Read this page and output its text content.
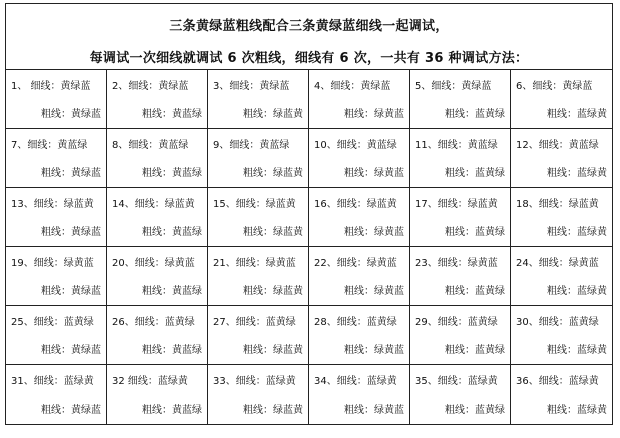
三条黄绿蓝粗线配合三条黄绿蓝细线一起调试，
每调试一次细线就调试 6 次粗线，细线有 6 次，一共有 36 种调试方法：
1、 细线：黄绿蓝
粗线：黄绿蓝
2、细线：黄绿蓝
粗线：黄蓝绿
3、细线：黄绿蓝
粗线：绿蓝黄
4、细线：黄绿蓝
粗线：绿黄蓝
5、细线：黄绿蓝
粗线：蓝黄绿
6、细线：黄绿蓝
粗线：蓝绿黄
7、细线：黄蓝绿
粗线：黄绿蓝
8、细线：黄蓝绿
粗线：黄蓝绿
9、细线：黄蓝绿
粗线：绿蓝黄
10、细线：黄蓝绿
粗线：绿黄蓝
11、细线：黄蓝绿
粗线：蓝黄绿
12、细线：黄蓝绿
粗线：蓝绿黄
13、细线：绿蓝黄
粗线：黄绿蓝
14、细线：绿蓝黄
粗线：黄蓝绿
15、细线：绿蓝黄
粗线：绿蓝黄
16、细线：绿蓝黄
粗线：绿黄蓝
17、细线：绿蓝黄
粗线：蓝黄绿
18、细线：绿蓝黄
粗线：蓝绿黄
19、细线：绿黄蓝
粗线：黄绿蓝
20、细线：绿黄蓝
粗线：黄蓝绿
21、细线：绿黄蓝
粗线：绿蓝黄
22、细线：绿黄蓝
粗线：绿黄蓝
23、细线：绿黄蓝
粗线：蓝黄绿
24、细线：绿黄蓝
粗线：蓝绿黄
25、细线：蓝黄绿
粗线：黄绿蓝
26、细线：蓝黄绿
粗线：黄蓝绿
27、细线：蓝黄绿
粗线：绿蓝黄
28、细线：蓝黄绿
粗线：绿黄蓝
29、细线：蓝黄绿
粗线：蓝黄绿
30、细线：蓝黄绿
粗线：蓝绿黄
31、细线：蓝绿黄
粗线：黄绿蓝
32 细线：蓝绿黄
粗线：黄蓝绿
33、细线：蓝绿黄
粗线：绿蓝黄
34、细线：蓝绿黄
粗线：绿黄蓝
35、细线：蓝绿黄
粗线：蓝黄绿
36、细线：蓝绿黄
粗线：蓝绿黄
